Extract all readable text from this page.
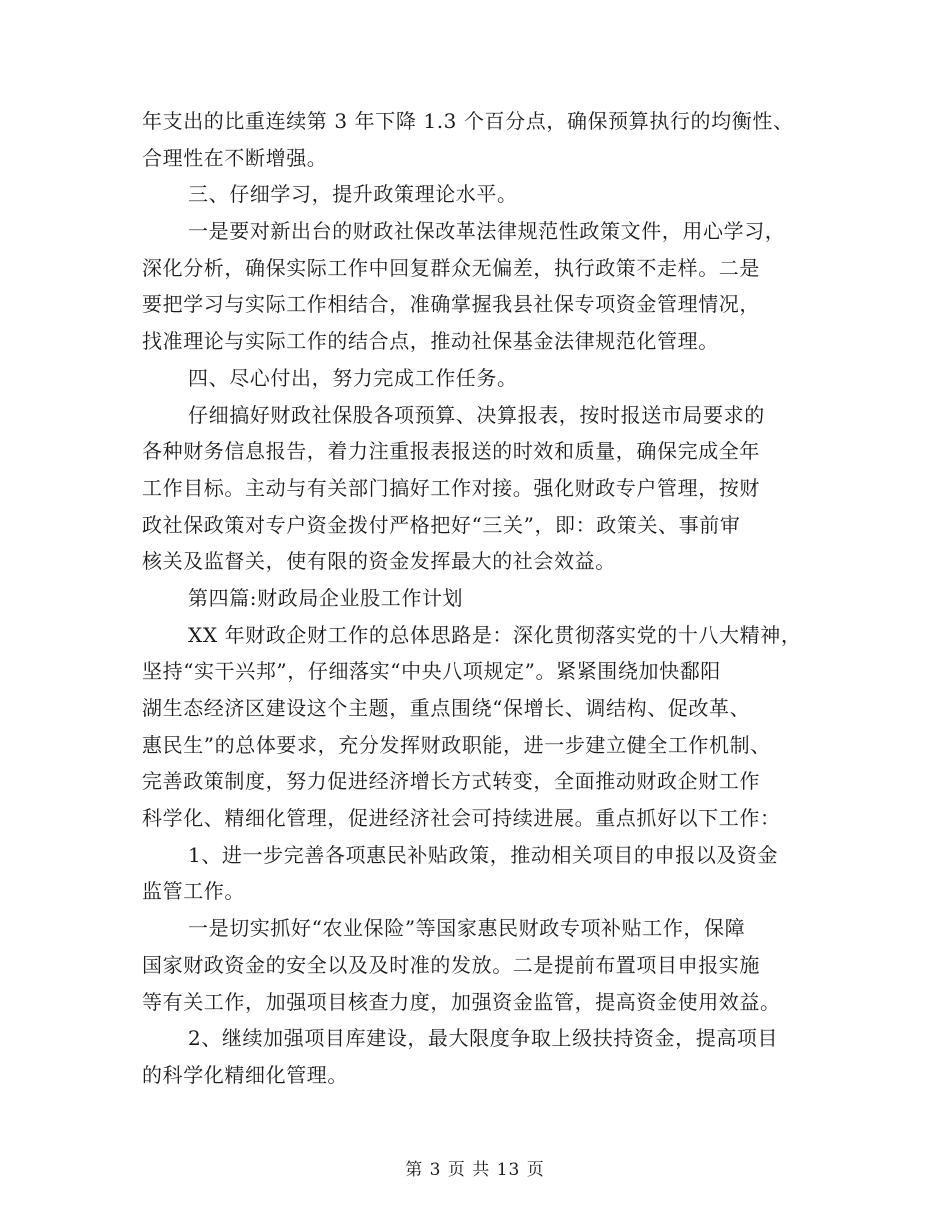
年支出的比重连续第 3 年下降 1.3 个百分点，确保预算执行的均衡性、
合理性在不断增强。
三、仔细学习，提升政策理论水平。
一是要对新出台的财政社保改革法律规范性政策文件，用心学习，
深化分析，确保实际工作中回复群众无偏差，执行政策不走样。二是
要把学习与实际工作相结合，准确掌握我县社保专项资金管理情况，
找准理论与实际工作的结合点，推动社保基金法律规范化管理。
四、尽心付出，努力完成工作任务。
仔细搞好财政社保股各项预算、决算报表，按时报送市局要求的
各种财务信息报告，着力注重报表报送的时效和质量，确保完成全年
工作目标。主动与有关部门搞好工作对接。强化财政专户管理，按财
政社保政策对专户资金拨付严格把好“三关”，即：政策关、事前审
核关及监督关，使有限的资金发挥最大的社会效益。
第四篇:财政局企业股工作计划
XX 年财政企财工作的总体思路是：深化贯彻落实党的十八大精神，
坚持“实干兴邦”，仔细落实“中央八项规定”。紧紧围绕加快鄱阳
湖生态经济区建设这个主题，重点围绕“保增长、调结构、促改革、
惠民生”的总体要求，充分发挥财政职能，进一步建立健全工作机制、
完善政策制度，努力促进经济增长方式转变，全面推动财政企财工作
科学化、精细化管理，促进经济社会可持续进展。重点抓好以下工作：
1、进一步完善各项惠民补贴政策，推动相关项目的申报以及资金
监管工作。
一是切实抓好“农业保险”等国家惠民财政专项补贴工作，保障
国家财政资金的安全以及及时准的发放。二是提前布置项目申报实施
等有关工作，加强项目核查力度，加强资金监管，提高资金使用效益。
2、继续加强项目库建设，最大限度争取上级扶持资金，提高项目
的科学化精细化管理。
第 3 页 共 13 页
